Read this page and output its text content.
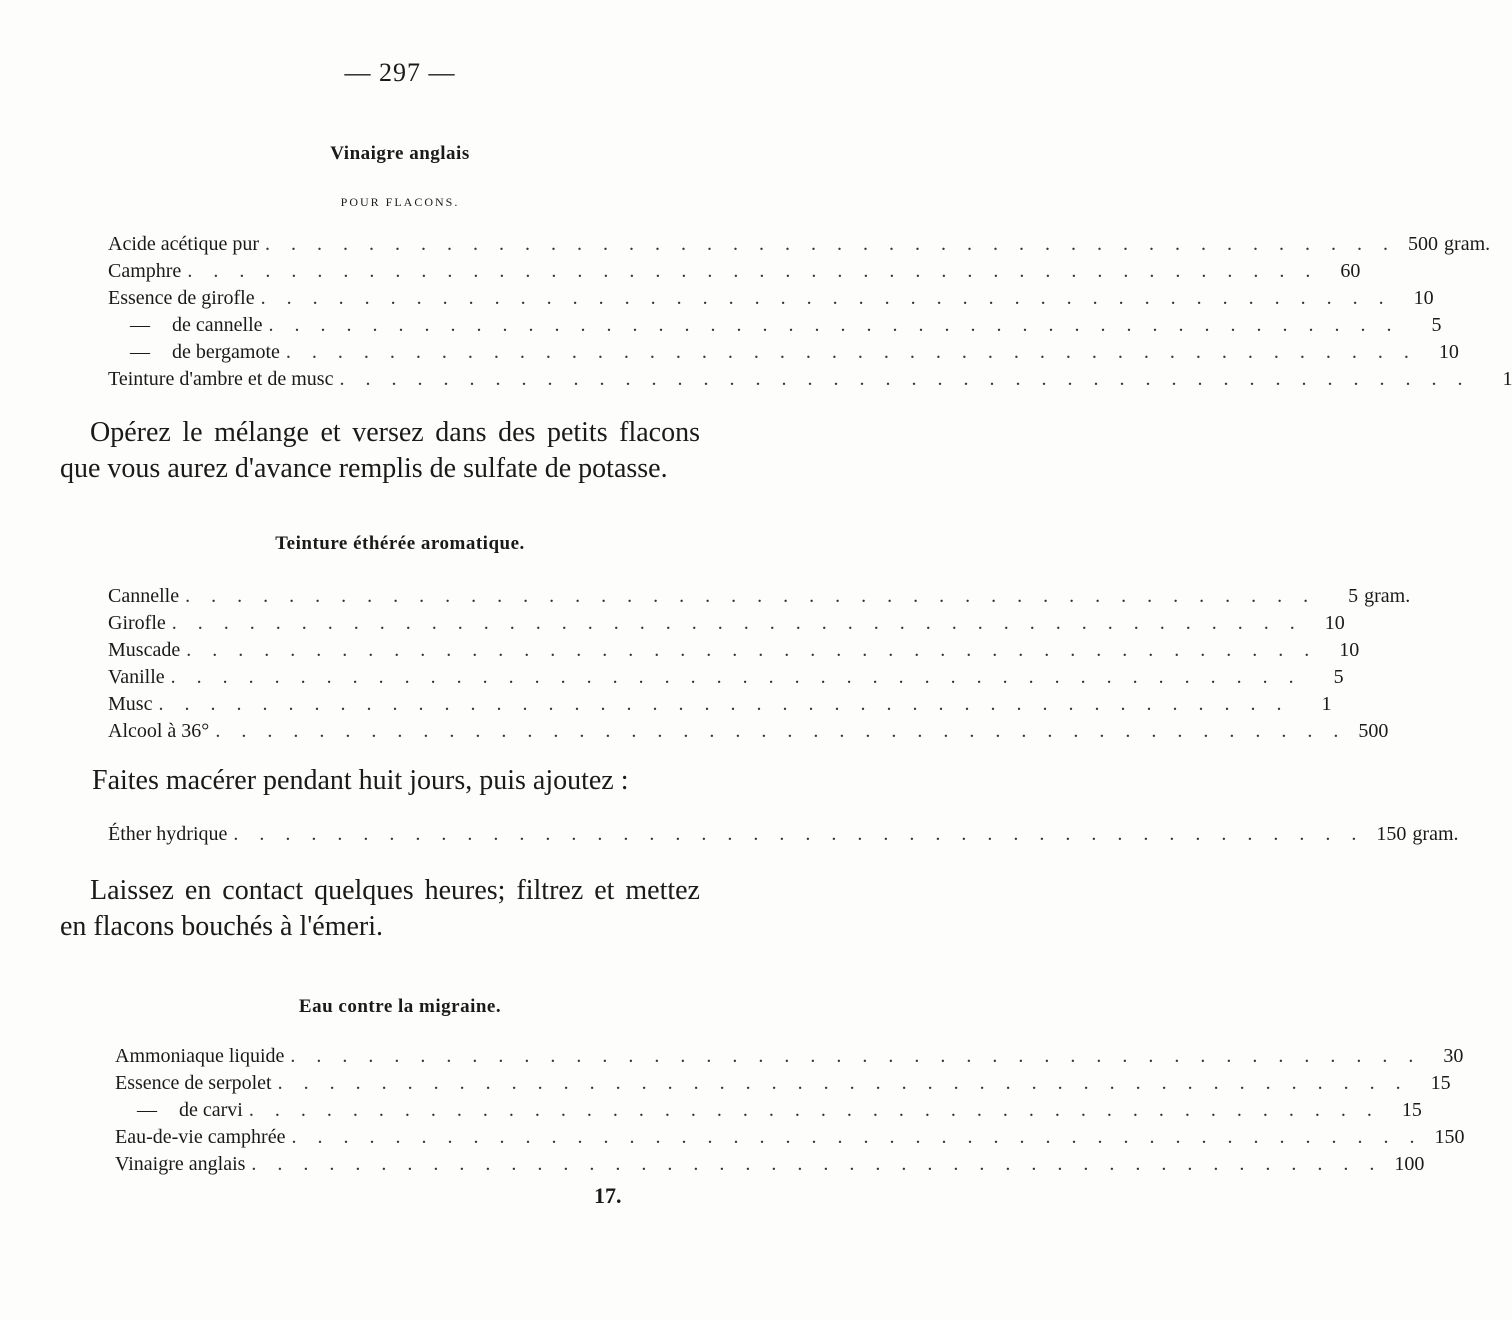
— 297 —
Vinaigre anglais
POUR FLACONS.
Acide acétique pur . . . . . . . . . . . . . . . . . . . . . . . . . . . . . . . . . . . . . . . . . . . . 500 gram.
Camphre . . . . . . . . . . . . . . . . . . . . . . . . . . . . . . . . . . . . . . . . . . . .	60
Essence de girofle . . . . . . . . . . . . . . . . . . . . . . . . . . . . . . . . . . . . . . . . . . . .	10
— de cannelle . . . . . . . . . . . . . . . . . . . . . . . . . . . . . . . . . . . . . . . . . . . .	5
— de bergamote . . . . . . . . . . . . . . . . . . . . . . . . . . . . . . . . . . . . . . . . . . . .	10
Teinture d'ambre et de musc . . . . . . . . . . . . . . . . . . . . . . . . . . . . . . . . . . . . . . . . . . . .	1
Opérez le mélange et versez dans des petits flacons que vous aurez d'avance remplis de sulfate de potasse.
Teinture éthérée aromatique.
Cannelle . . . . . . . . . . . . . . . . . . . . . . . . . . . . . . . . . . . . . . . . . . . .	5 gram.
Girofle . . . . . . . . . . . . . . . . . . . . . . . . . . . . . . . . . . . . . . . . . . . .	10
Muscade . . . . . . . . . . . . . . . . . . . . . . . . . . . . . . . . . . . . . . . . . . . .	10
Vanille . . . . . . . . . . . . . . . . . . . . . . . . . . . . . . . . . . . . . . . . . . . .	5
Musc . . . . . . . . . . . . . . . . . . . . . . . . . . . . . . . . . . . . . . . . . . . .	1
Alcool à 36° . . . . . . . . . . . . . . . . . . . . . . . . . . . . . . . . . . . . . . . . . . . . 500
Faites macérer pendant huit jours, puis ajoutez :
Éther hydrique . . . . . . . . . . . . . . . . . . . . . . . . . . . . . . . . . . . . . . . . . . . . 150 gram.
Laissez en contact quelques heures; filtrez et mettez en flacons bouchés à l'émeri.
Eau contre la migraine.
Ammoniaque liquide . . . . . . . . . . . . . . . . . . . . . . . . . . . . . . . . . . . . . . . . . . . .	30
Essence de serpolet . . . . . . . . . . . . . . . . . . . . . . . . . . . . . . . . . . . . . . . . . . . .	15
— de carvi . . . . . . . . . . . . . . . . . . . . . . . . . . . . . . . . . . . . . . . . . . . .	15
Eau-de-vie camphrée . . . . . . . . . . . . . . . . . . . . . . . . . . . . . . . . . . . . . . . . . . . . 150
Vinaigre anglais . . . . . . . . . . . . . . . . . . . . . . . . . . . . . . . . . . . . . . . . . . . . 100
17.
